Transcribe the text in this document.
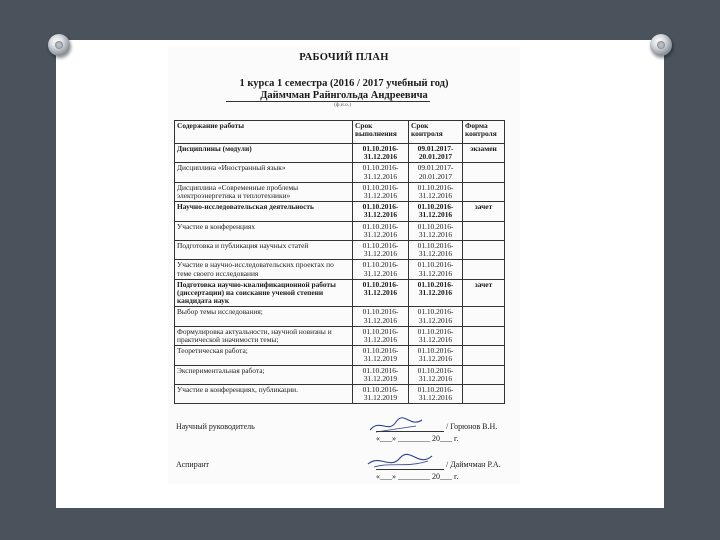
РАБОЧИЙ ПЛАН
1 курса 1 семестра (2016 / 2017 учебный год)
Даймчман Райнгольда Андреевича
(ф.и.о.)
Содержание работы	Срок выполнения	Срок контроля	Форма контроля
Дисциплины (модули)	01.10.2016-31.12.2016	09.01.2017-20.01.2017	экзамен
Дисциплина «Иностранный язык»	01.10.2016-31.12.2016	09.01.2017-20.01.2017	
Дисциплина «Современные проблемы электроэнергетика и теплотехники»	01.10.2016-31.12.2016	01.10.2016-31.12.2016	
Научно-исследовательская деятельность	01.10.2016-31.12.2016	01.10.2016-31.12.2016	зачет
Участие в конференциях	01.10.2016-31.12.2016	01.10.2016-31.12.2016	
Подготовка и публикация научных статей	01.10.2016-31.12.2016	01.10.2016-31.12.2016	
Участие в научно-исследовательских проектах по теме своего исследования	01.10.2016-31.12.2016	01.10.2016-31.12.2016	
Подготовка научно-квалификационной работы (диссертации) на соискание ученой степени кандидата наук	01.10.2016-31.12.2016	01.10.2016-31.12.2016	зачет
Выбор темы исследования;	01.10.2016-31.12.2016	01.10.2016-31.12.2016	
Формулировка актуальности, научной новизны и практической значимости темы;	01.10.2016-31.12.2016	01.10.2016-31.12.2016	
Теоретическая работа;	01.10.2016-31.12.2019	01.10.2016-31.12.2016	
Экспериментальная работа;	01.10.2016-31.12.2019	01.10.2016-31.12.2016	
Участие в конференциях, публикации.	01.10.2016-31.12.2019	01.10.2016-31.12.2016	
Научный руководитель	/ Горюнов В.Н.
«___» ________ 20___ г.
Аспирант	/ Даймчман Р.А.
«___» ________ 20___ г.
